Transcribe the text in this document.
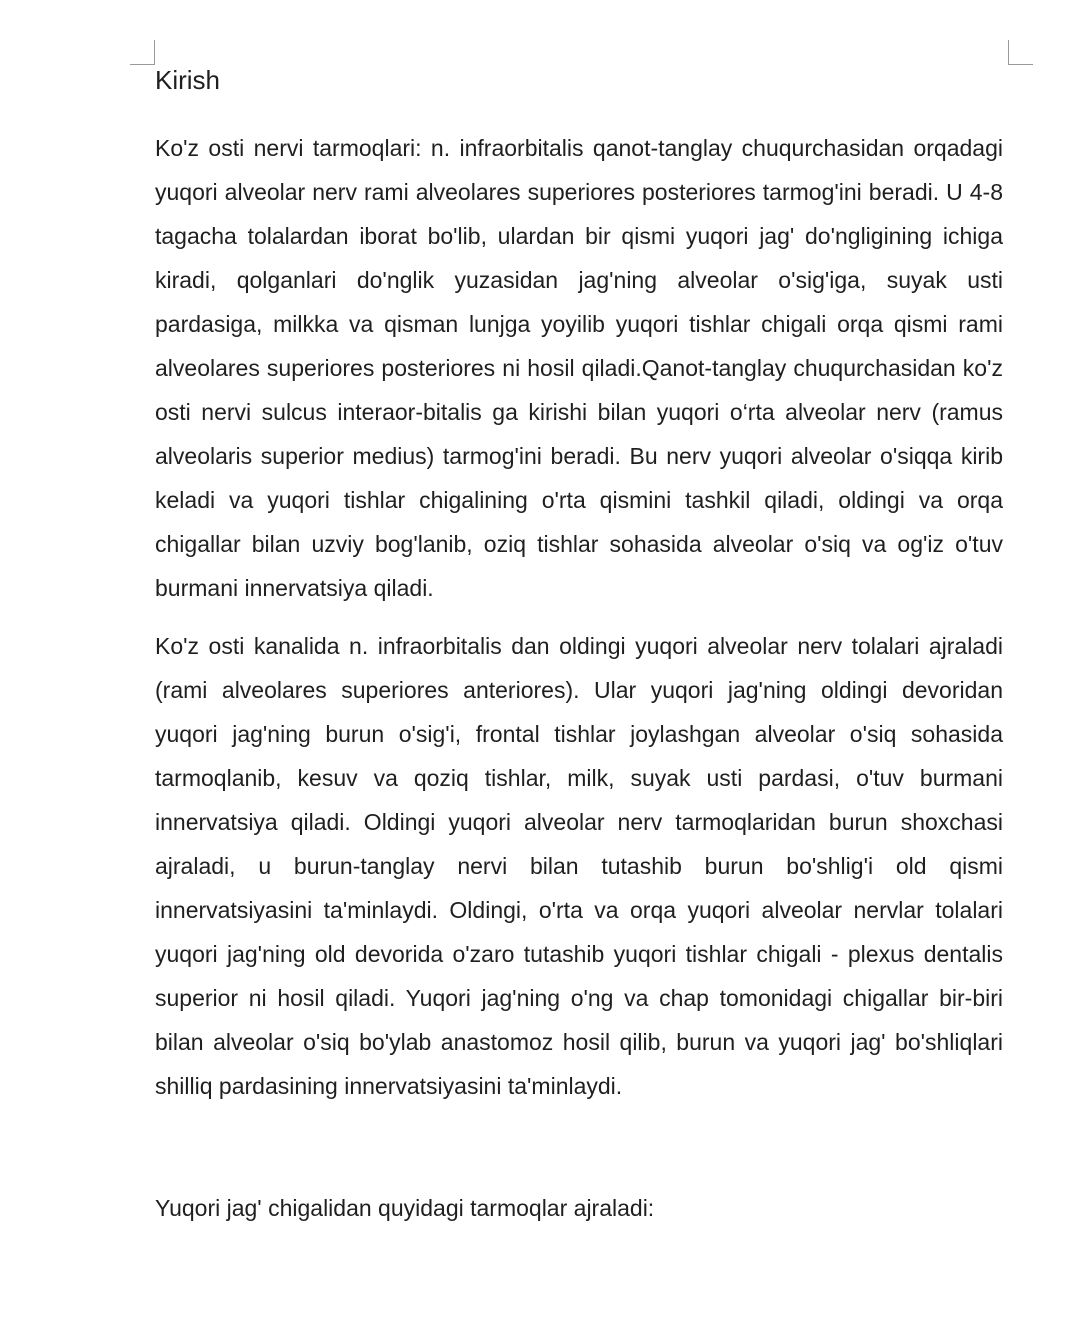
Kirish

Ko'z osti nervi tarmoqlari: n. infraorbitalis qanot-tanglay chuqurchasidan orqadagi yuqori alveolar nerv rami alveolares superiores posteriores tarmog'ini beradi. U 4-8 tagacha tolalardan iborat bo'lib, ulardan bir qismi yuqori jag' do'ngligining ichiga kiradi, qolganlari do'nglik yuzasidan jag'ning alveolar o'sig'iga, suyak usti pardasiga, milkka va qisman lunjga yoyilib yuqori tishlar chigali orqa qismi rami alveolares superiores posteriores ni hosil qiladi.Qanot-tanglay chuqurchasidan ko'z osti nervi sulcus interaor-bitalis ga kirishi bilan yuqori o‘rta alveolar nerv (ramus alveolaris superior medius) tarmog'ini beradi. Bu nerv yuqori alveolar o'siqqa kirib keladi va yuqori tishlar chigalining o'rta qismini tashkil qiladi, oldingi va orqa chigallar bilan uzviy bog'lanib, oziq tishlar sohasida alveolar o'siq va og'iz o'tuv burmani innervatsiya qiladi.

Ko'z osti kanalida n. infraorbitalis dan oldingi yuqori alveolar nerv tolalari ajraladi (rami alveolares superiores anteriores). Ular yuqori jag'ning oldingi devoridan yuqori jag'ning burun o'sig'i, frontal tishlar joylashgan alveolar o'siq sohasida tarmoqlanib, kesuv va qoziq tishlar, milk, suyak usti pardasi, o'tuv burmani innervatsiya qiladi. Oldingi yuqori alveolar nerv tarmoqlaridan burun shoxchasi ajraladi, u burun-tanglay nervi bilan tutashib burun bo'shlig'i old qismi innervatsiyasini ta'minlaydi. Oldingi, o'rta va orqa yuqori alveolar nervlar tolalari yuqori jag'ning old devorida o'zaro tutashib yuqori tishlar chigali - plexus dentalis superior ni hosil qiladi. Yuqori jag'ning o'ng va chap tomonidagi chigallar bir-biri bilan alveolar o'siq bo'ylab anastomoz hosil qilib, burun va yuqori jag' bo'shliqlari shilliq pardasining innervatsiyasini ta'minlaydi.

Yuqori jag' chigalidan quyidagi tarmoqlar ajraladi:
